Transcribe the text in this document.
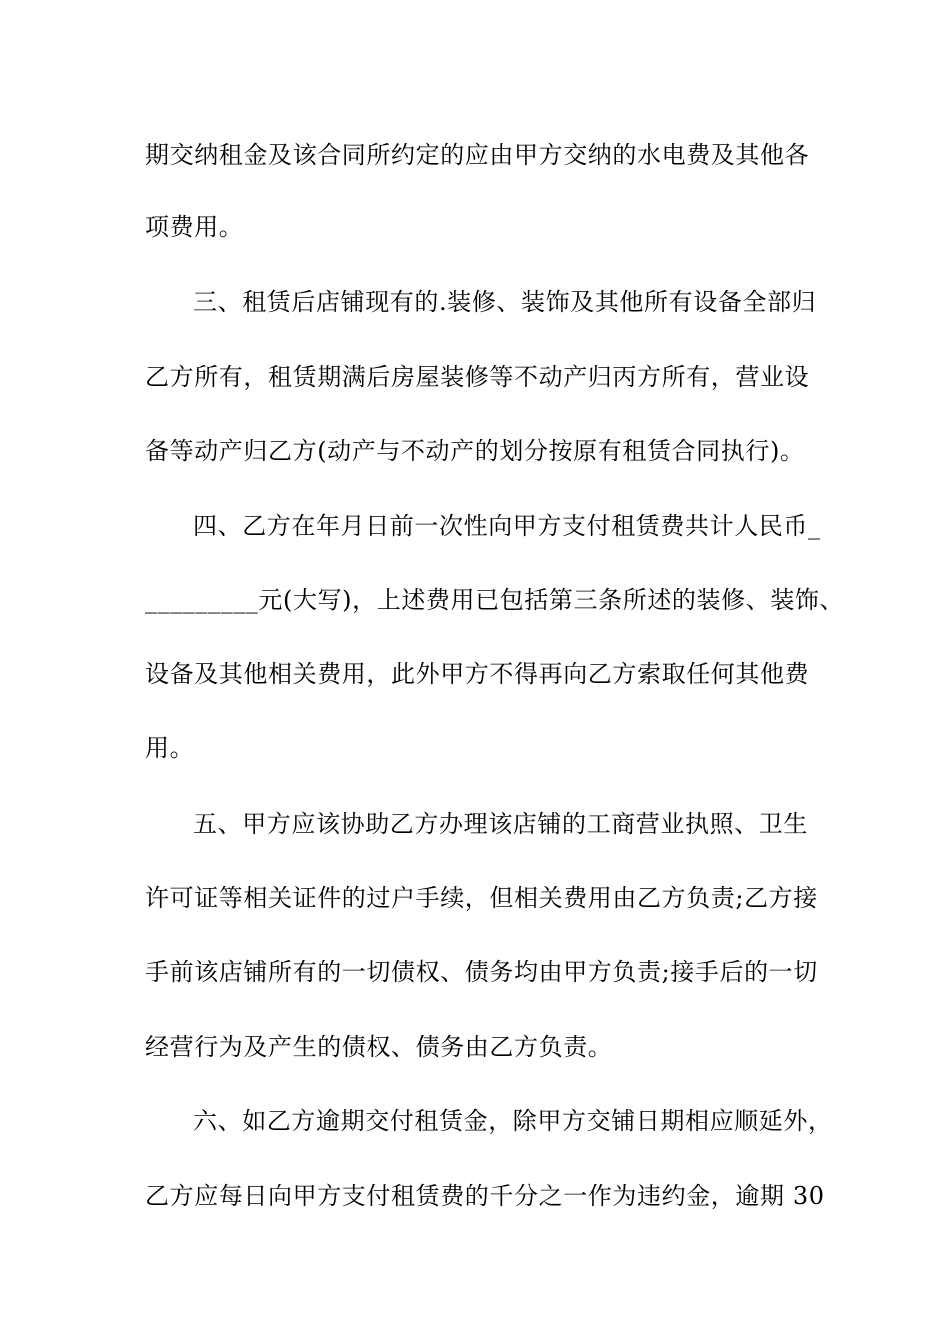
期交纳租金及该合同所约定的应由甲方交纳的水电费及其他各
项费用。
三、租赁后店铺现有的.装修、装饰及其他所有设备全部归
乙方所有，租赁期满后房屋装修等不动产归丙方所有，营业设
备等动产归乙方(动产与不动产的划分按原有租赁合同执行)。
四、乙方在年月日前一次性向甲方支付租赁费共计人民币_
_________元(大写)，上述费用已包括第三条所述的装修、装饰、
设备及其他相关费用，此外甲方不得再向乙方索取任何其他费
用。
五、甲方应该协助乙方办理该店铺的工商营业执照、卫生
许可证等相关证件的过户手续，但相关费用由乙方负责;乙方接
手前该店铺所有的一切债权、债务均由甲方负责;接手后的一切
经营行为及产生的债权、债务由乙方负责。
六、如乙方逾期交付租赁金，除甲方交铺日期相应顺延外，
乙方应每日向甲方支付租赁费的千分之一作为违约金，逾期 30
